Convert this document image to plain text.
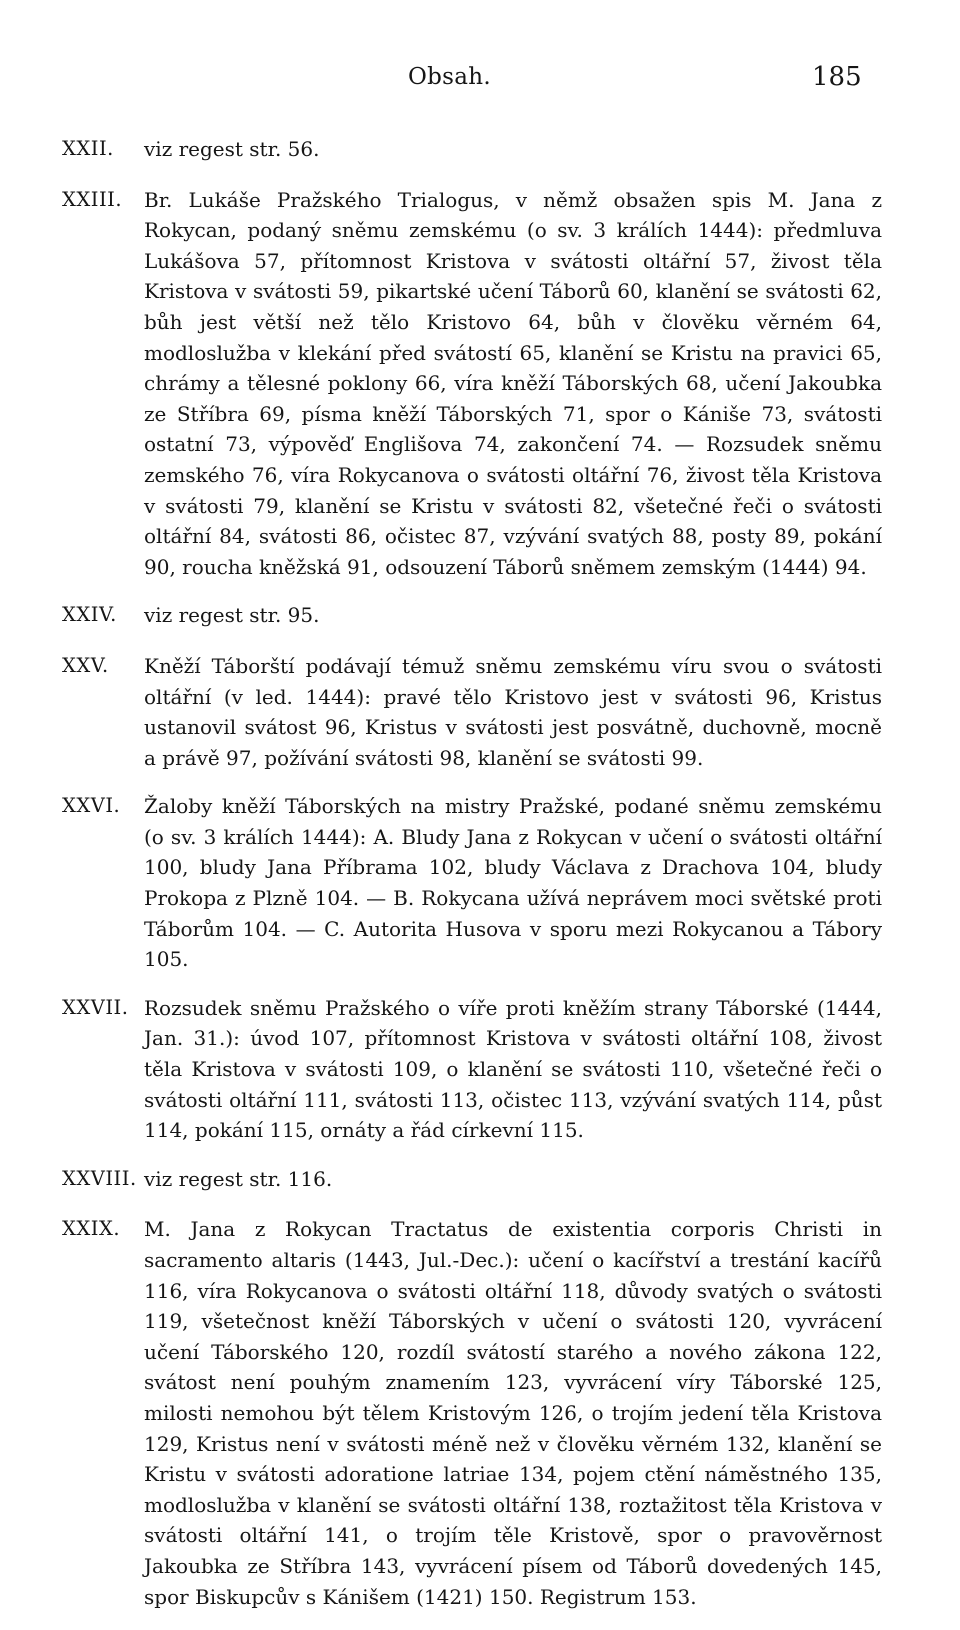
Obsah.	185
XXII. viz regest str. 56.
XXIII. Br. Lukáše Pražského Trialogus, v němž obsažen spis M. Jana z Rokycan, podaný sněmu zemskému (o sv. 3 králích 1444): předmluva Lukášova 57, přítomnost Kristova v svátosti oltářní 57, živost těla Kristova v svátosti 59, pikartské učení Táborů 60, klanění se svátosti 62, bůh jest větší než tělo Kristovo 64, bůh v člověku věrném 64, modloslužba v klekání před svátostí 65, klanění se Kristu na pravici 65, chrámy a tělesné poklony 66, víra kněží Táborských 68, učení Jakoubka ze Stříbra 69, písma kněží Táborských 71, spor o Kániše 73, svátosti ostatní 73, výpověď Englišova 74, zakončení 74. — Rozsudek sněmu zemského 76, víra Rokycanova o svátosti oltářní 76, živost těla Kristova v svátosti 79, klanění se Kristu v svátosti 82, všetečné řeči o svátosti oltářní 84, svátosti 86, očistec 87, vzývání svatých 88, posty 89, pokání 90, roucha kněžská 91, odsouzení Táborů sněmem zemským (1444) 94.
XXIV. viz regest str. 95.
XXV. Kněží Táborští podávají témuž sněmu zemskému víru svou o svátosti oltářní (v led. 1444): pravé tělo Kristovo jest v svátosti 96, Kristus ustanovil svátost 96, Kristus v svátosti jest posvátně, duchovně, mocně a právě 97, požívání svátosti 98, klanění se svátosti 99.
XXVI. Žaloby kněží Táborských na mistry Pražské, podané sněmu zemskému (o sv. 3 králích 1444): A. Bludy Jana z Rokycan v učení o svátosti oltářní 100, bludy Jana Příbrama 102, bludy Václava z Drachova 104, bludy Prokopa z Plzně 104. — B. Rokycana užívá neprávem moci světské proti Táborům 104. — C. Autorita Husova v sporu mezi Rokycanou a Tábory 105.
XXVII. Rozsudek sněmu Pražského o víře proti kněžím strany Táborské (1444, Jan. 31.): úvod 107, přítomnost Kristova v svátosti oltářní 108, živost těla Kristova v svátosti 109, o klanění se svátosti 110, všetečné řeči o svátosti oltářní 111, svátosti 113, očistec 113, vzývání svatých 114, půst 114, pokání 115, ornáty a řád církevní 115.
XXVIII. viz regest str. 116.
XXIX. M. Jana z Rokycan Tractatus de existentia corporis Christi in sacramento altaris (1443, Jul.-Dec.): učení o kacířství a trestání kacířů 116, víra Rokycanova o svátosti oltářní 118, důvody svatých o svátosti 119, všetečnost kněží Táborských v učení o svátosti 120, vyvrácení učení Táborského 120, rozdíl svátostí starého a nového zákona 122, svátost není pouhým znamením 123, vyvrácení víry Táborské 125, milosti nemohou být tělem Kristovým 126, o trojím jedení těla Kristova 129, Kristus není v svátosti méně než v člověku věrném 132, klanění se Kristu v svátosti adoratione latriae 134, pojem ctění náměstného 135, modloslužba v klanění se svátosti oltářní 138, roztažitost těla Kristova v svátosti oltářní 141, o trojím těle Kristově, spor o pravověrnost Jakoubka ze Stříbra 143, vyvrácení písem od Táborů dovedených 145, spor Biskupcův s Kánišem (1421) 150. Registrum 153.
